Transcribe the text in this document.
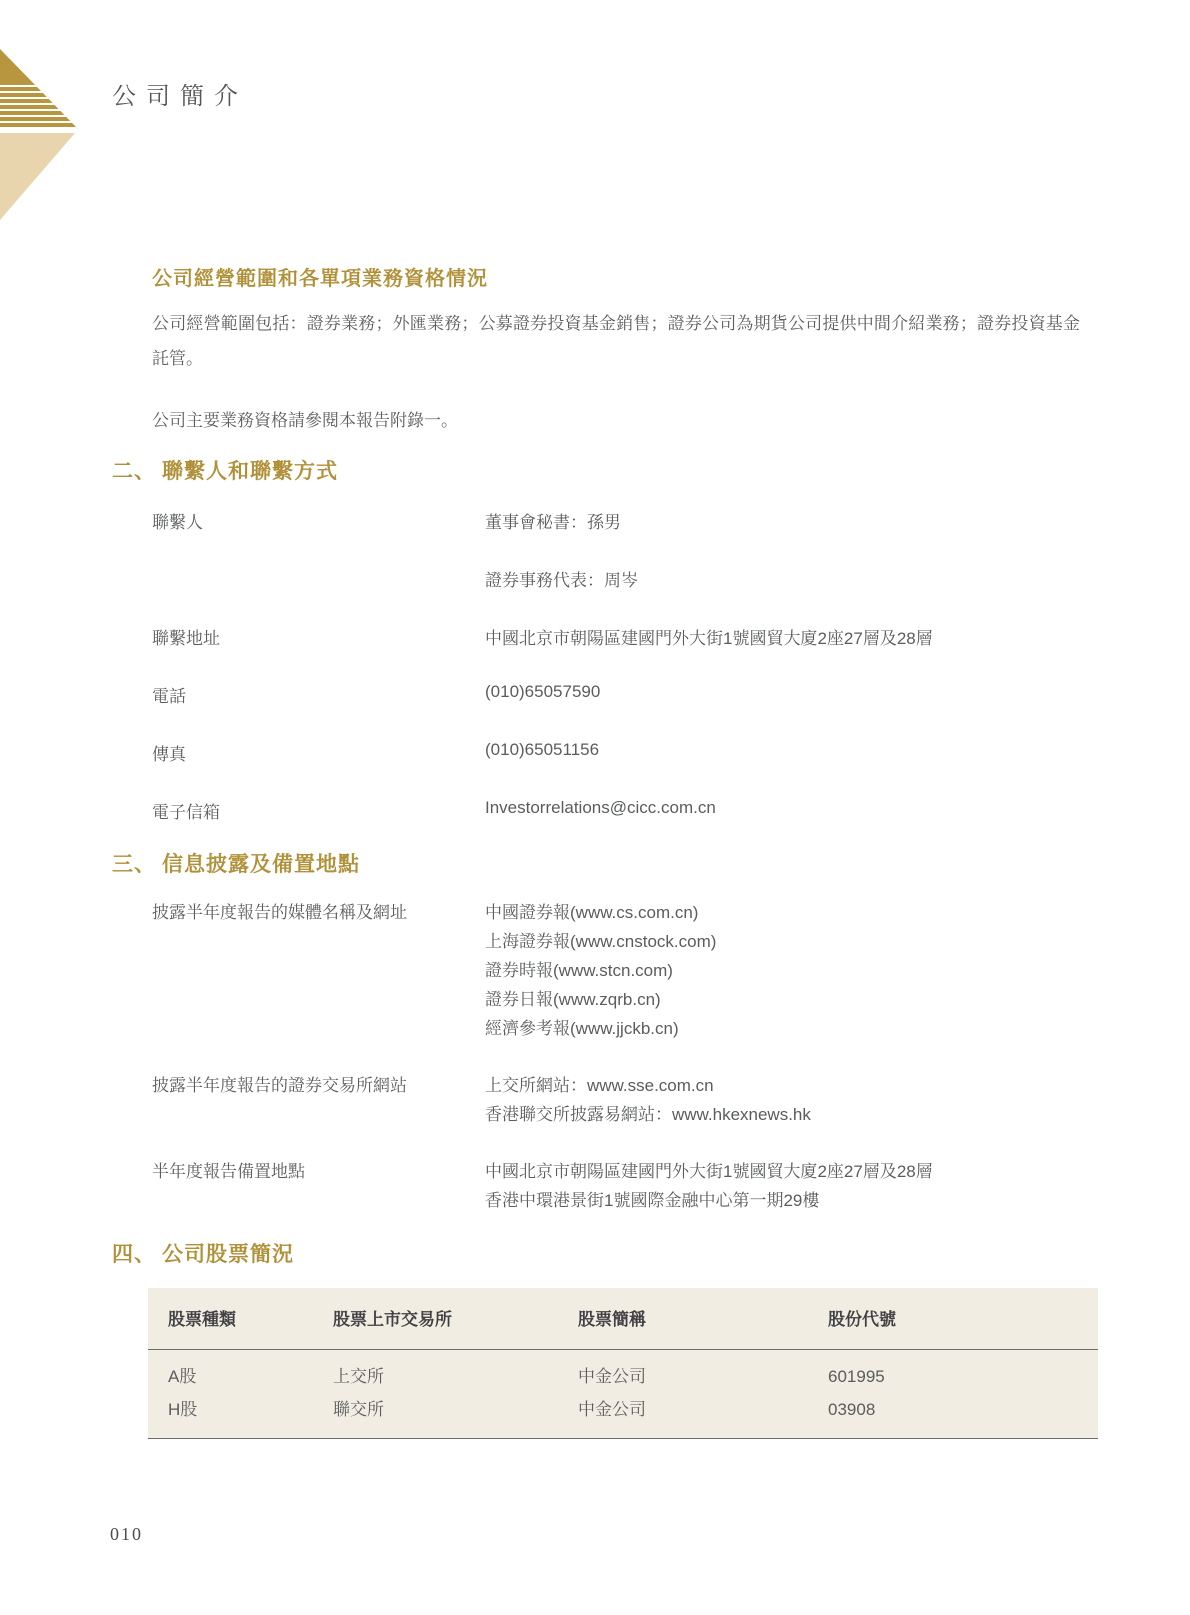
公司簡介
公司經營範圍和各單項業務資格情況

公司經營範圍包括：證券業務；外匯業務；公募證券投資基金銷售；證券公司為期貨公司提供中間介紹業務；證券投資基金託管。

公司主要業務資格請參閱本報告附錄一。

二、 聯繫人和聯繫方式
聯繫人	董事會秘書：孫男
證券事務代表：周岑
聯繫地址	中國北京市朝陽區建國門外大街1號國貿大廈2座27層及28層
電話	(010)65057590
傳真	(010)65051156
電子信箱	Investorrelations@cicc.com.cn
三、 信息披露及備置地點
披露半年度報告的媒體名稱及網址	中國證券報(www.cs.com.cn)
上海證券報(www.cnstock.com)
證券時報(www.stcn.com)
證券日報(www.zqrb.cn)
經濟參考報(www.jjckb.cn)
披露半年度報告的證券交易所網站	上交所網站：www.sse.com.cn
香港聯交所披露易網站：www.hkexnews.hk
半年度報告備置地點	中國北京市朝陽區建國門外大街1號國貿大廈2座27層及28層
香港中環港景街1號國際金融中心第一期29樓
四、 公司股票簡況
股票種類	股票上市交易所	股票簡稱	股份代號
A股	上交所	中金公司	601995
H股	聯交所	中金公司	03908

010
